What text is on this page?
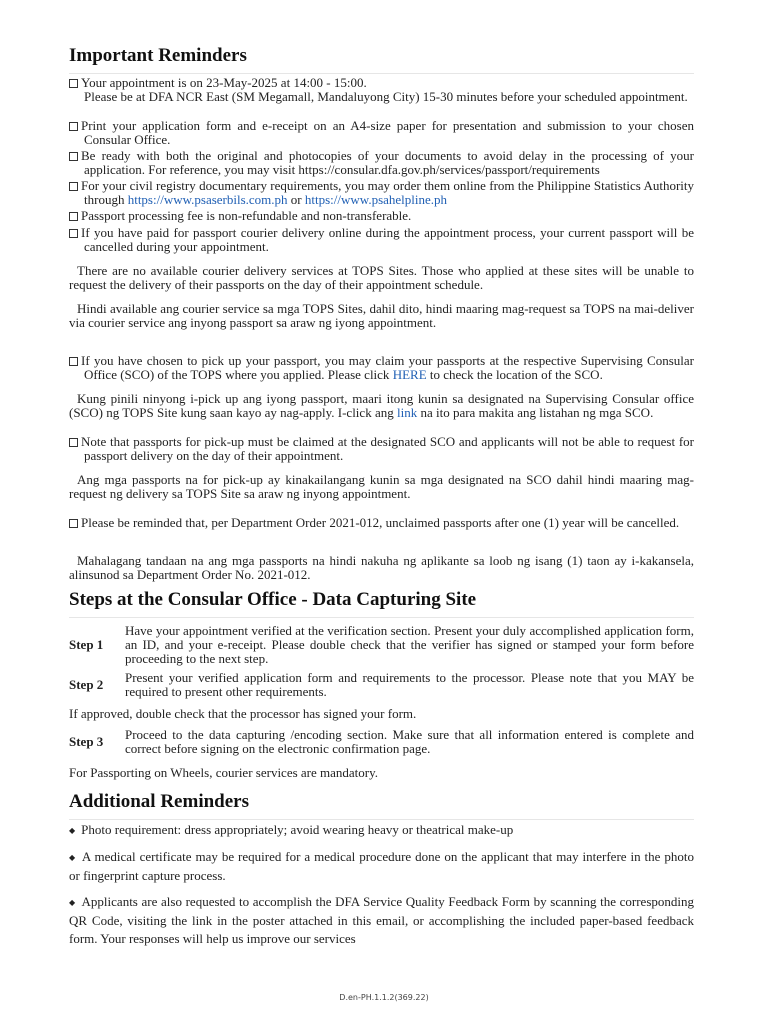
Important Reminders
Your appointment is on 23-May-2025 at 14:00 - 15:00.
Please be at DFA NCR East (SM Megamall, Mandaluyong City) 15-30 minutes before your scheduled appointment.
Print your application form and e-receipt on an A4-size paper for presentation and submission to your chosen Consular Office.
Be ready with both the original and photocopies of your documents to avoid delay in the processing of your application. For reference, you may visit https://consular.dfa.gov.ph/services/passport/requirements
For your civil registry documentary requirements, you may order them online from the Philippine Statistics Authority through https://www.psaserbils.com.ph or https://www.psahelpline.ph
Passport processing fee is non-refundable and non-transferable.
If you have paid for passport courier delivery online during the appointment process, your current passport will be cancelled during your appointment.
There are no available courier delivery services at TOPS Sites. Those who applied at these sites will be unable to request the delivery of their passports on the day of their appointment schedule.
Hindi available ang courier service sa mga TOPS Sites, dahil dito, hindi maaring mag-request sa TOPS na mai-deliver via courier service ang inyong passport sa araw ng iyong appointment.
If you have chosen to pick up your passport, you may claim your passports at the respective Supervising Consular Office (SCO) of the TOPS where you applied. Please click HERE to check the location of the SCO.
Kung pinili ninyong i-pick up ang iyong passport, maari itong kunin sa designated na Supervising Consular office (SCO) ng TOPS Site kung saan kayo ay nag-apply. I-click ang link na ito para makita ang listahan ng mga SCO.
Note that passports for pick-up must be claimed at the designated SCO and applicants will not be able to request for passport delivery on the day of their appointment.
Ang mga passports na for pick-up ay kinakailangang kunin sa mga designated na SCO dahil hindi maaring mag-request ng delivery sa TOPS Site sa araw ng inyong appointment.
Please be reminded that, per Department Order 2021-012, unclaimed passports after one (1) year will be cancelled.
Mahalagang tandaan na ang mga passports na hindi nakuha ng aplikante sa loob ng isang (1) taon ay i-kakansela, alinsunod sa Department Order No. 2021-012.
Steps at the Consular Office - Data Capturing Site
Step 1
Have your appointment verified at the verification section. Present your duly accomplished application form, an ID, and your e-receipt. Please double check that the verifier has signed or stamped your form before proceeding to the next step.
Step 2	Present your verified application form and requirements to the processor. Please note that you MAY be required to present other requirements.
If approved, double check that the processor has signed your form.
Step 3	Proceed to the data capturing /encoding section. Make sure that all information entered is complete and correct before signing on the electronic confirmation page.
For Passporting on Wheels, courier services are mandatory.
Additional Reminders
◆ Photo requirement: dress appropriately; avoid wearing heavy or theatrical make-up
◆ A medical certificate may be required for a medical procedure done on the applicant that may interfere in the photo or fingerprint capture process.
◆ Applicants are also requested to accomplish the DFA Service Quality Feedback Form by scanning the corresponding QR Code, visiting the link in the poster attached in this email, or accomplishing the included paper-based feedback form. Your responses will help us improve our services
D.en-PH.1.1.2(369.22)
